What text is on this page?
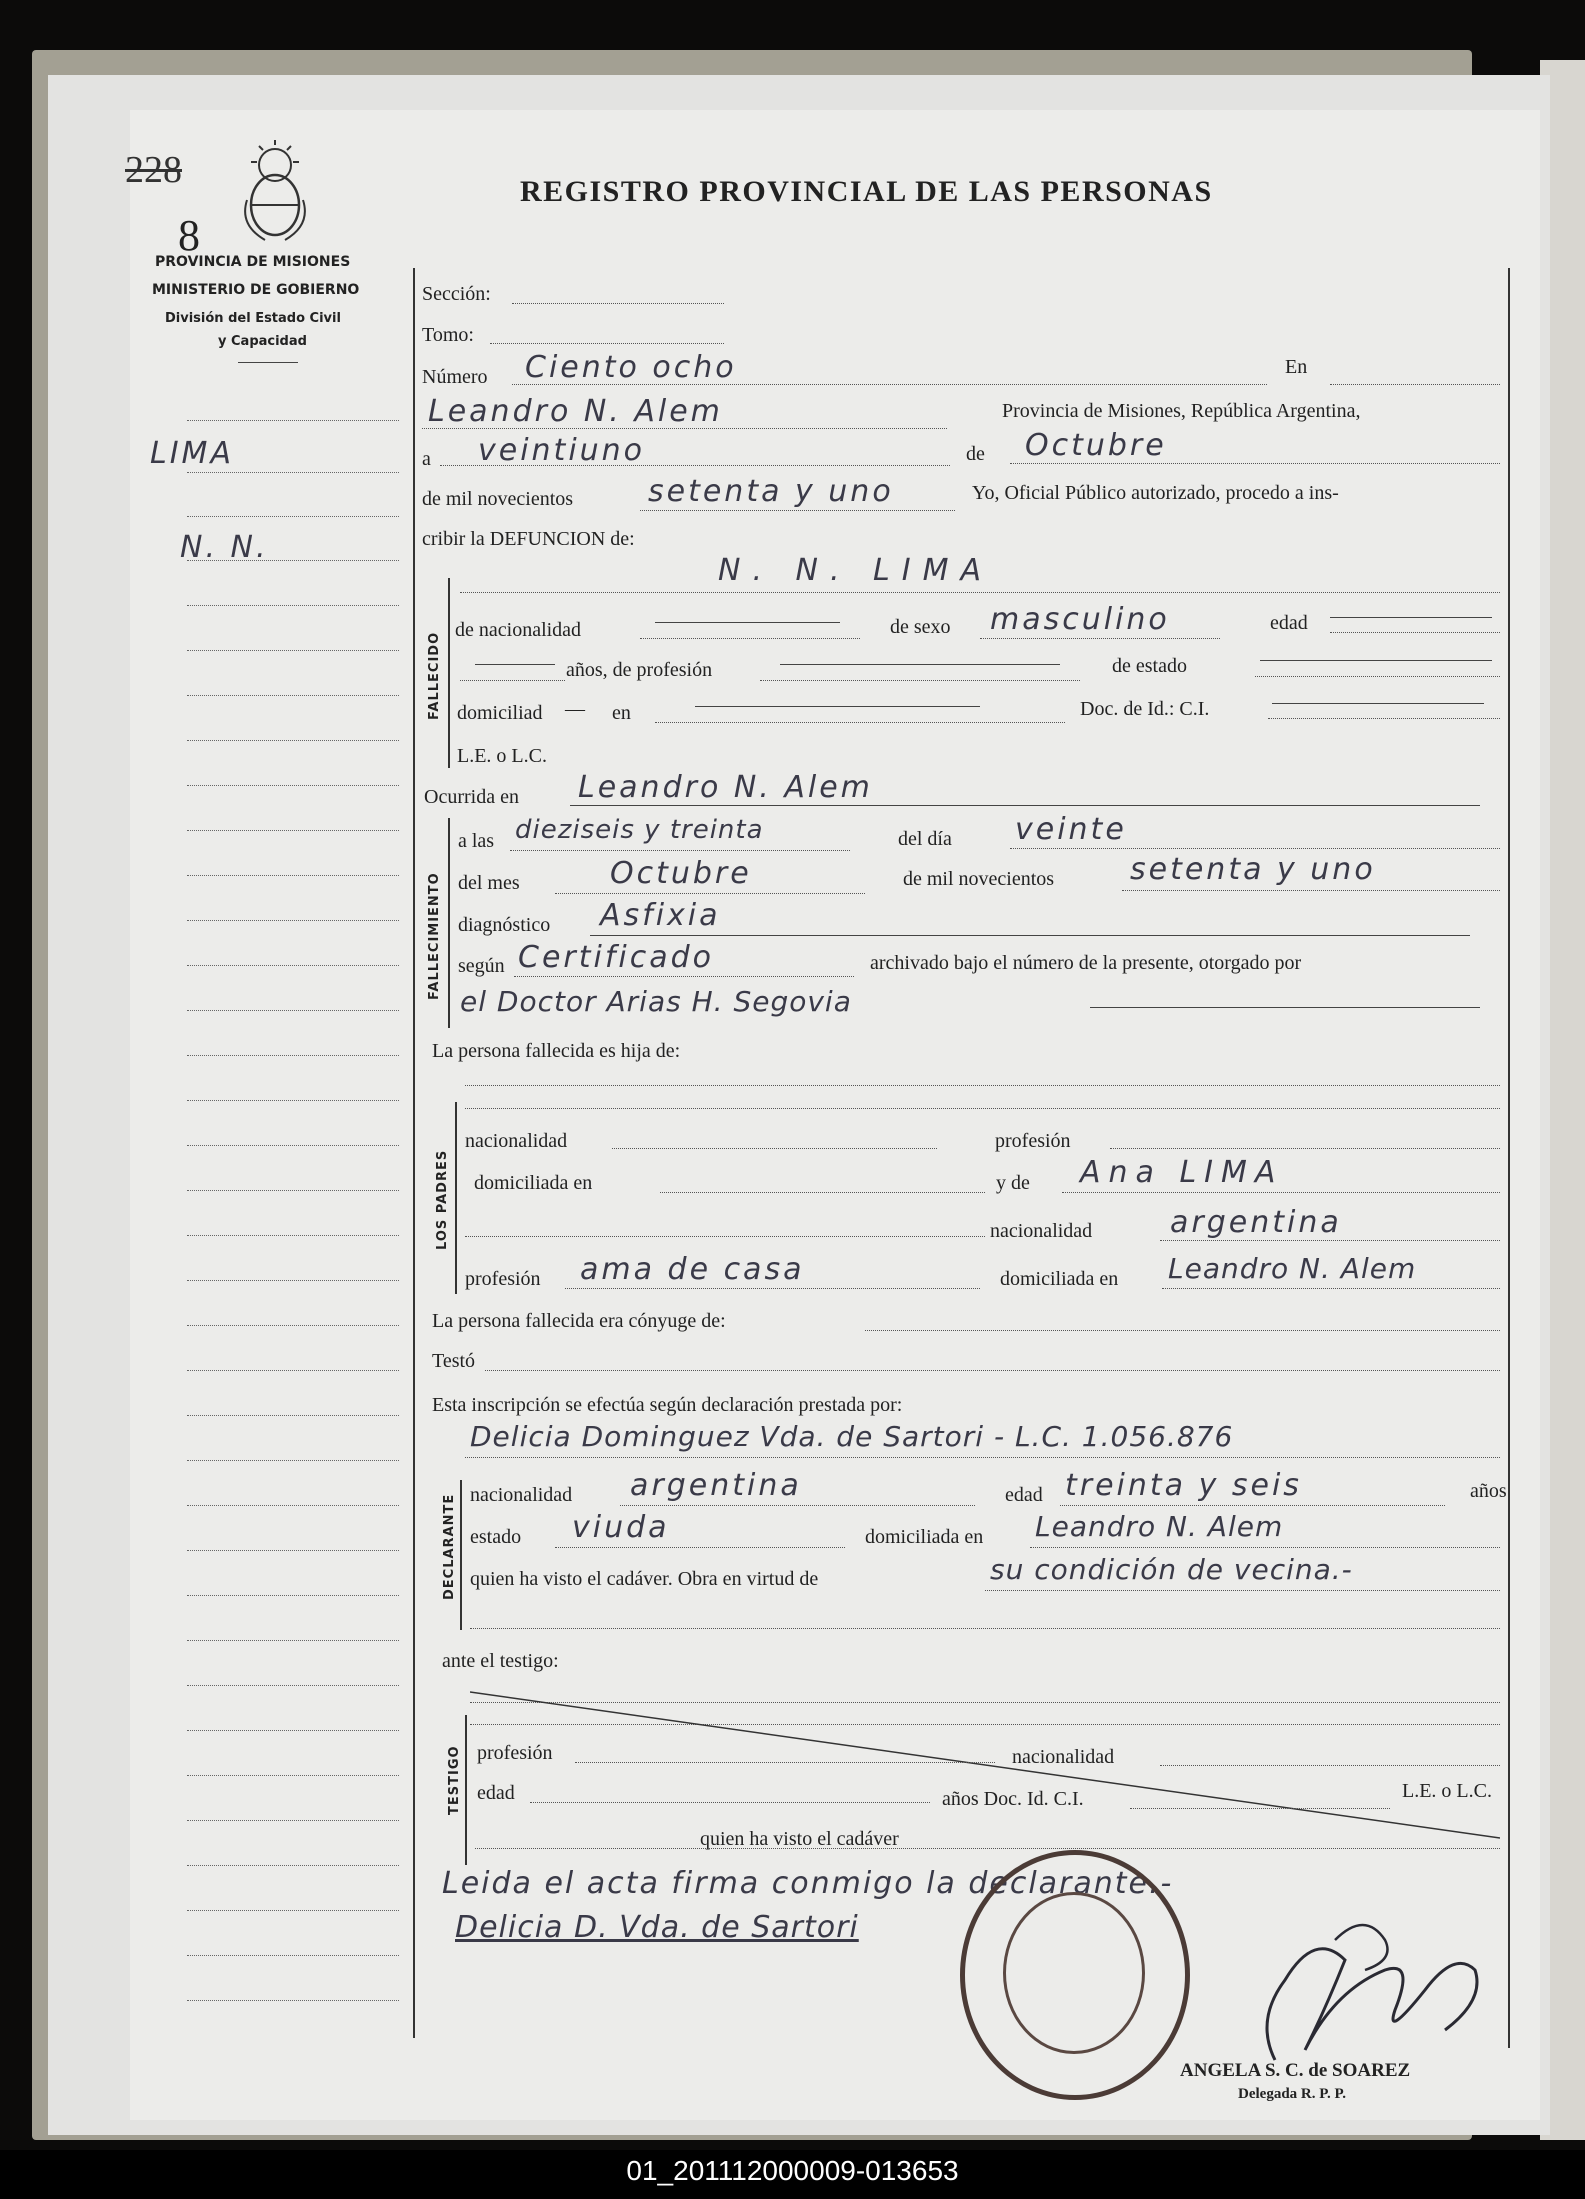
228
8
PROVINCIA DE MISIONES
MINISTERIO DE GOBIERNO
División del Estado Civil
y Capacidad
REGISTRO PROVINCIAL DE LAS PERSONAS
LIMA
N. N.
Sección:
Tomo:
Número Ciento ocho	En
Leandro N. Alem	Provincia de Misiones, República Argentina,
a veintiuno	de Octubre
de mil novecientos setenta y uno	Yo, Oficial Público autorizado, procedo a ins-
cribir la DEFUNCION de:
FALLECIDO
N. N. LIMA
de nacionalidad	de sexo masculino	edad
años, de profesión	de estado
domiciliad — en	Doc. de Id.: C.I.
L.E. o L.C.
Ocurrida en Leandro N. Alem
FALLECIMIENTO
a las dieziseis y treinta	del día veinte
del mes	Octubre	de mil novecientos	setenta y uno
diagnóstico Asfixia
según Certificado	archivado bajo el número de la presente, otorgado por
el Doctor Arias H. Segovia
La persona fallecida es hija de:
LOS PADRES
nacionalidad	profesión
domiciliada en	y de Ana LIMA
nacionalidad	argentina
profesión ama de casa	domiciliada en Leandro N. Alem
La persona fallecida era cónyuge de:
Testó
Esta inscripción se efectúa según declaración prestada por:
Delicia Dominguez Vda. de Sartori - L.C. 1.056.876
DECLARANTE nacionalidad argentina	edad treinta y seis	años
estado viuda	domiciliada en Leandro N. Alem
quien ha visto el cadáver. Obra en virtud de	su condición de vecina.-
ante el testigo:
TESTIGO profesión	nacionalidad
edad	años Doc. Id. C.I.	L.E. o L.C.
quien ha visto el cadáver
Leida el acta firma conmigo la declarante.-
Delicia D. Vda. de Sartori
ANGELA S. C. de SOAREZ
Delegada R. P. P.
01_201112000009-013653
